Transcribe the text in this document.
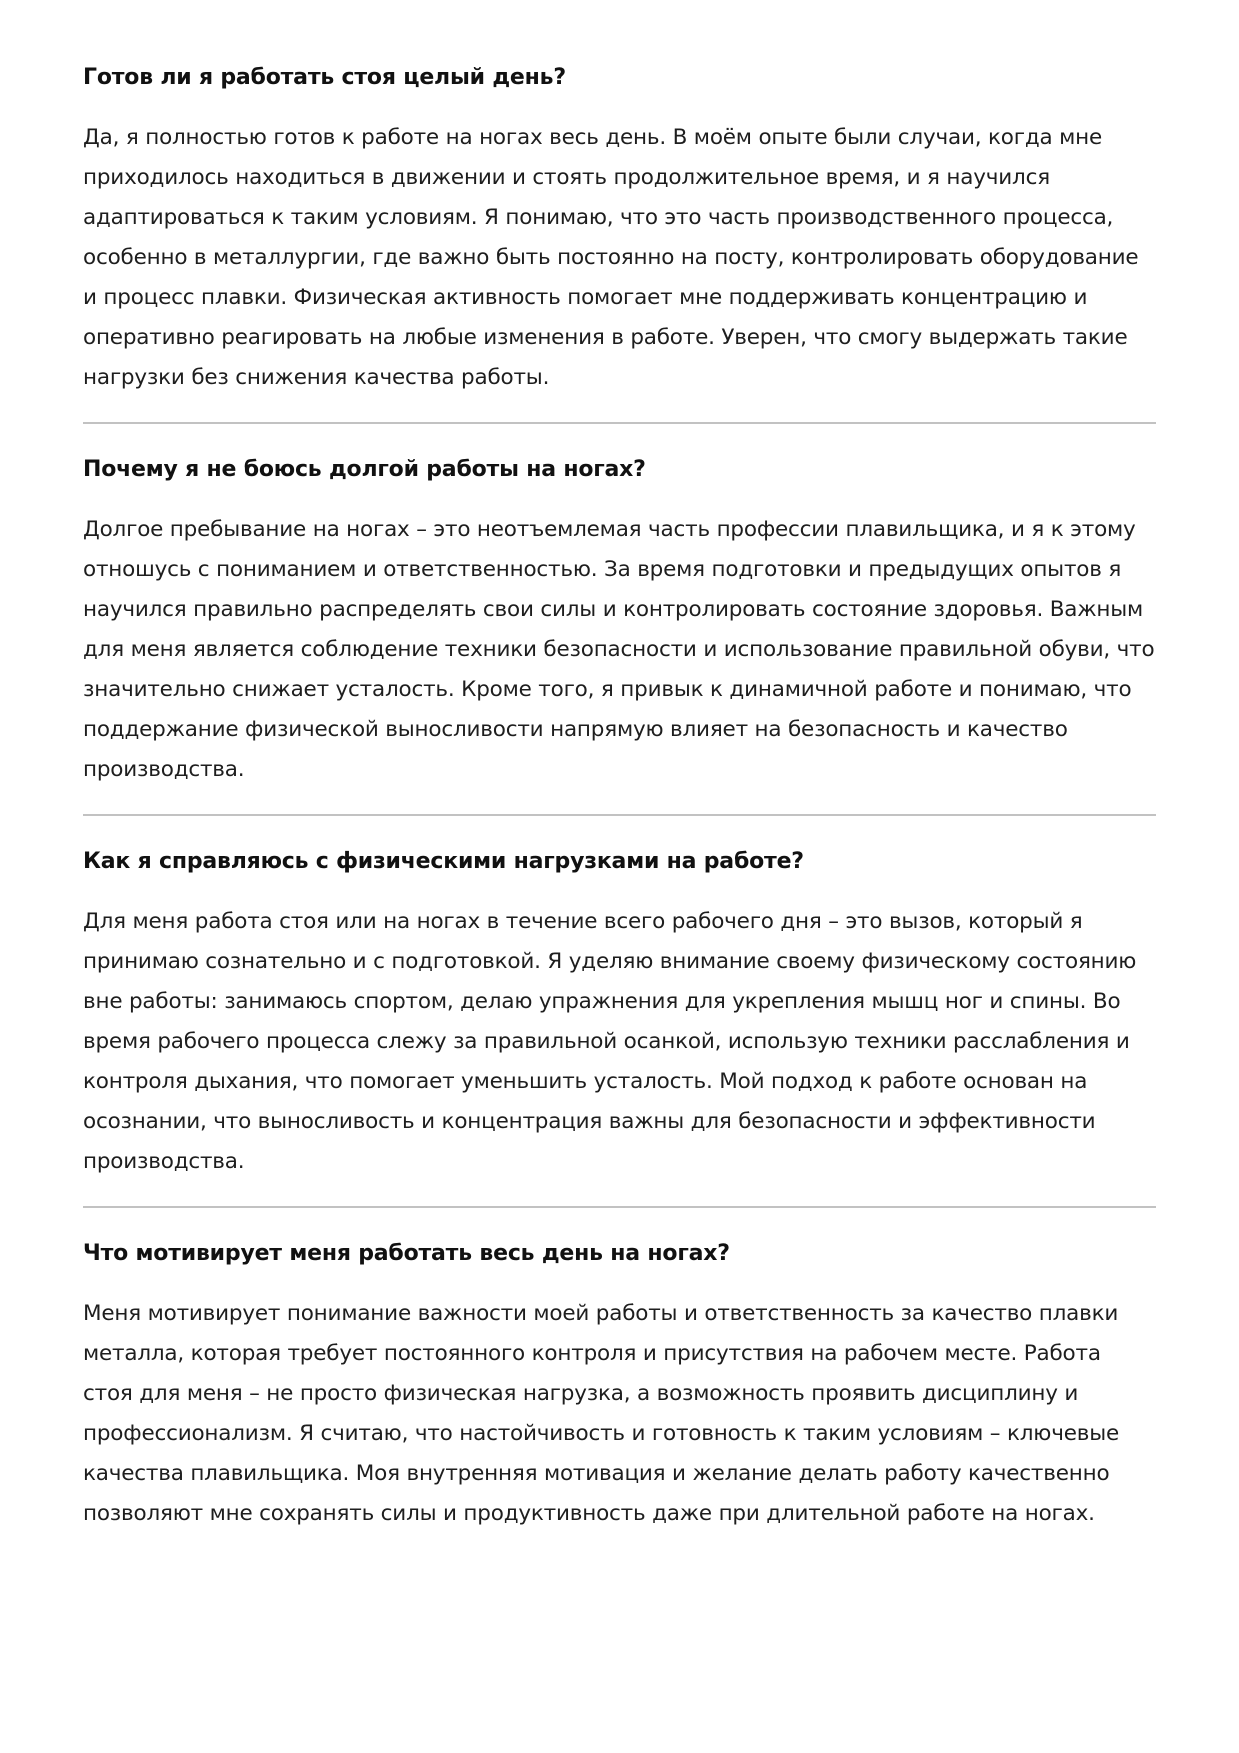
Готов ли я работать стоя целый день?

Да, я полностью готов к работе на ногах весь день. В моём опыте были случаи, когда мне приходилось находиться в движении и стоять продолжительное время, и я научился адаптироваться к таким условиям. Я понимаю, что это часть производственного процесса, особенно в металлургии, где важно быть постоянно на посту, контролировать оборудование и процесс плавки. Физическая активность помогает мне поддерживать концентрацию и оперативно реагировать на любые изменения в работе. Уверен, что смогу выдержать такие нагрузки без снижения качества работы.

Почему я не боюсь долгой работы на ногах?

Долгое пребывание на ногах – это неотъемлемая часть профессии плавильщика, и я к этому отношусь с пониманием и ответственностью. За время подготовки и предыдущих опытов я научился правильно распределять свои силы и контролировать состояние здоровья. Важным для меня является соблюдение техники безопасности и использование правильной обуви, что значительно снижает усталость. Кроме того, я привык к динамичной работе и понимаю, что поддержание физической выносливости напрямую влияет на безопасность и качество производства.

Как я справляюсь с физическими нагрузками на работе?

Для меня работа стоя или на ногах в течение всего рабочего дня – это вызов, который я принимаю сознательно и с подготовкой. Я уделяю внимание своему физическому состоянию вне работы: занимаюсь спортом, делаю упражнения для укрепления мышц ног и спины. Во время рабочего процесса слежу за правильной осанкой, использую техники расслабления и контроля дыхания, что помогает уменьшить усталость. Мой подход к работе основан на осознании, что выносливость и концентрация важны для безопасности и эффективности производства.

Что мотивирует меня работать весь день на ногах?

Меня мотивирует понимание важности моей работы и ответственность за качество плавки металла, которая требует постоянного контроля и присутствия на рабочем месте. Работа стоя для меня – не просто физическая нагрузка, а возможность проявить дисциплину и профессионализм. Я считаю, что настойчивость и готовность к таким условиям – ключевые качества плавильщика. Моя внутренняя мотивация и желание делать работу качественно позволяют мне сохранять силы и продуктивность даже при длительной работе на ногах.
